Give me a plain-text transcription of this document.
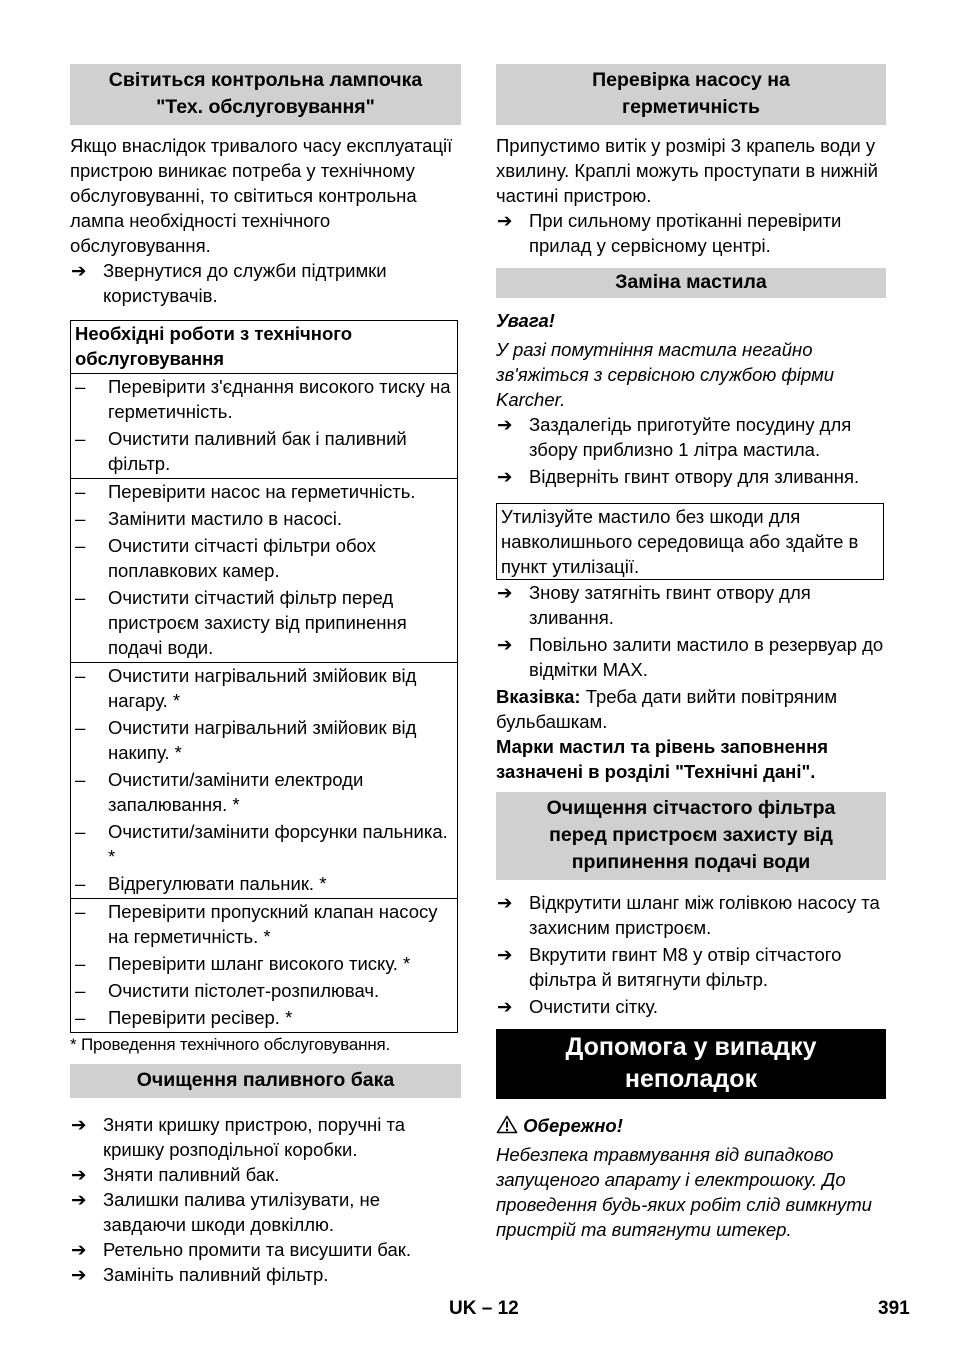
Світиться контрольна лампочка
"Тех. обслуговування"

Якщо внаслідок тривалого часу експлуатації пристрою виникає потреба у технічному обслуговуванні, то світиться контрольна лампа необхідності технічного обслуговування.

➔ Звернутися до служби підтримки користувачів.

Необхідні роботи з технічного обслуговування

– Перевірити з'єднання високого тиску на герметичність.

– Очистити паливний бак і паливний фільтр.

– Перевірити насос на герметичність.

– Замінити мастило в насосі.

– Очистити сітчасті фільтри обох поплавкових камер.

– Очистити сітчастий фільтр перед пристроєм захисту від припинення подачі води.

– Очистити нагрівальний змійовик від нагару. *

– Очистити нагрівальний змійовик від накипу. *

– Очистити/замінити електроди запалювання. *

– Очистити/замінити форсунки пальника. *

– Відрегулювати пальник. *

– Перевірити пропускний клапан насосу на герметичність. *

– Перевірити шланг високого тиску. *

– Очистити пістолет-розпилювач.

– Перевірити ресівер. *

* Проведення технічного обслуговування.

Очищення паливного бака

➔ Зняти кришку пристрою, поручні та кришку розподільної коробки.

➔ Зняти паливний бак.

➔ Залишки палива утилізувати, не завдаючи шкоди довкіллю.

➔ Ретельно промити та висушити бак.

➔ Замініть паливний фільтр.

Перевірка насосу на
герметичність

Припустимо витік у розмірі 3 крапель води у хвилину. Краплі можуть проступати в нижній частині пристрою.

➔ При сильному протіканні перевірити прилад у сервісному центрі.

Заміна мастила

Увага!

У разі помутніння мастила негайно зв'яжіться з сервісною службою фірми Karcher.

➔ Заздалегідь приготуйте посудину для збору приблизно 1 літра мастила.

➔ Відверніть гвинт отвору для зливання.

Утилізуйте мастило без шкоди для навколишнього середовища або здайте в пункт утилізації.

➔ Знову затягніть гвинт отвору для зливання.

➔ Повільно залити мастило в резервуар до відмітки MAX.

Вказівка: Треба дати вийти повітряним бульбашкам.

Марки мастил та рівень заповнення зазначені в розділі "Технічні дані".

Очищення сітчастого фільтра
перед пристроєм захисту від
припинення подачі води

➔ Відкрутити шланг між голівкою насосу та захисним пристроєм.

➔ Вкрутити гвинт M8 у отвір сітчастого фільтра й витягнути фільтр.

➔ Очистити сітку.

Допомога у випадку
неполадок

Обережно!

Небезпека травмування від випадково запущеного апарату і електрошоку. До проведення будь-яких робіт слід вимкнути пристрій та витягнути штекер.

UK – 12	391
